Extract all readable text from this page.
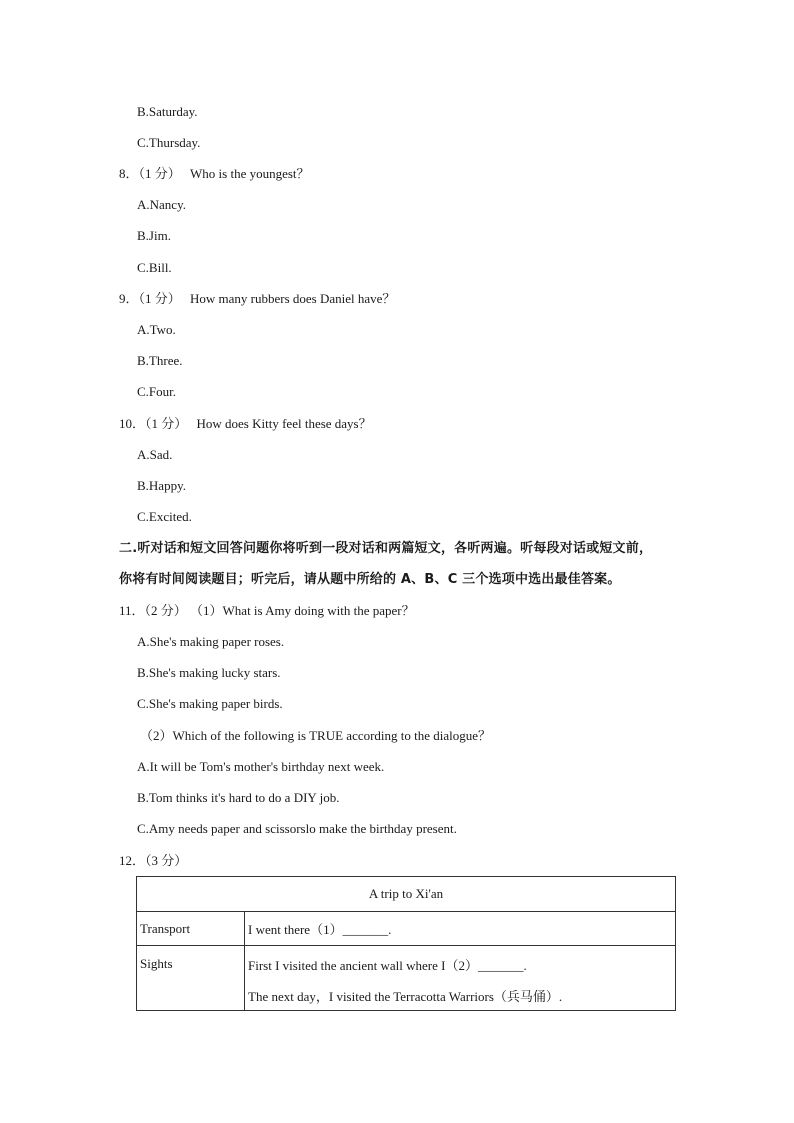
B.Saturday.
C.Thursday.
8．（1 分） Who is the youngest？
A.Nancy.
B.Jim.
C.Bill.
9．（1 分） How many rubbers does Daniel have？
A.Two.
B.Three.
C.Four.
10．（1 分） How does Kitty feel these days？
A.Sad.
B.Happy.
C.Excited.
二.听对话和短文回答问题你将听到一段对话和两篇短文，各听两遍。听每段对话或短文前，
你将有时间阅读题目；听完后，请从题中所给的 A、B、C 三个选项中选出最佳答案。
11．（2 分） （1）What is Amy doing with the paper？
A.She's making paper roses.
B.She's making lucky stars.
C.She's making paper birds.
（2）Which of the following is TRUE according to the dialogue？
A.It will be Tom's mother's birthday next week.
B.Tom thinks it's hard to do a DIY job.
C.Amy needs paper and scissorslo make the birthday present.
12．（3 分）
A trip to Xi'an	
Transport	I went there（1）_______.
Sights	First I visited the ancient wall where I（2）_______.
The next day，I visited the Terracotta Warriors（兵马俑）.
